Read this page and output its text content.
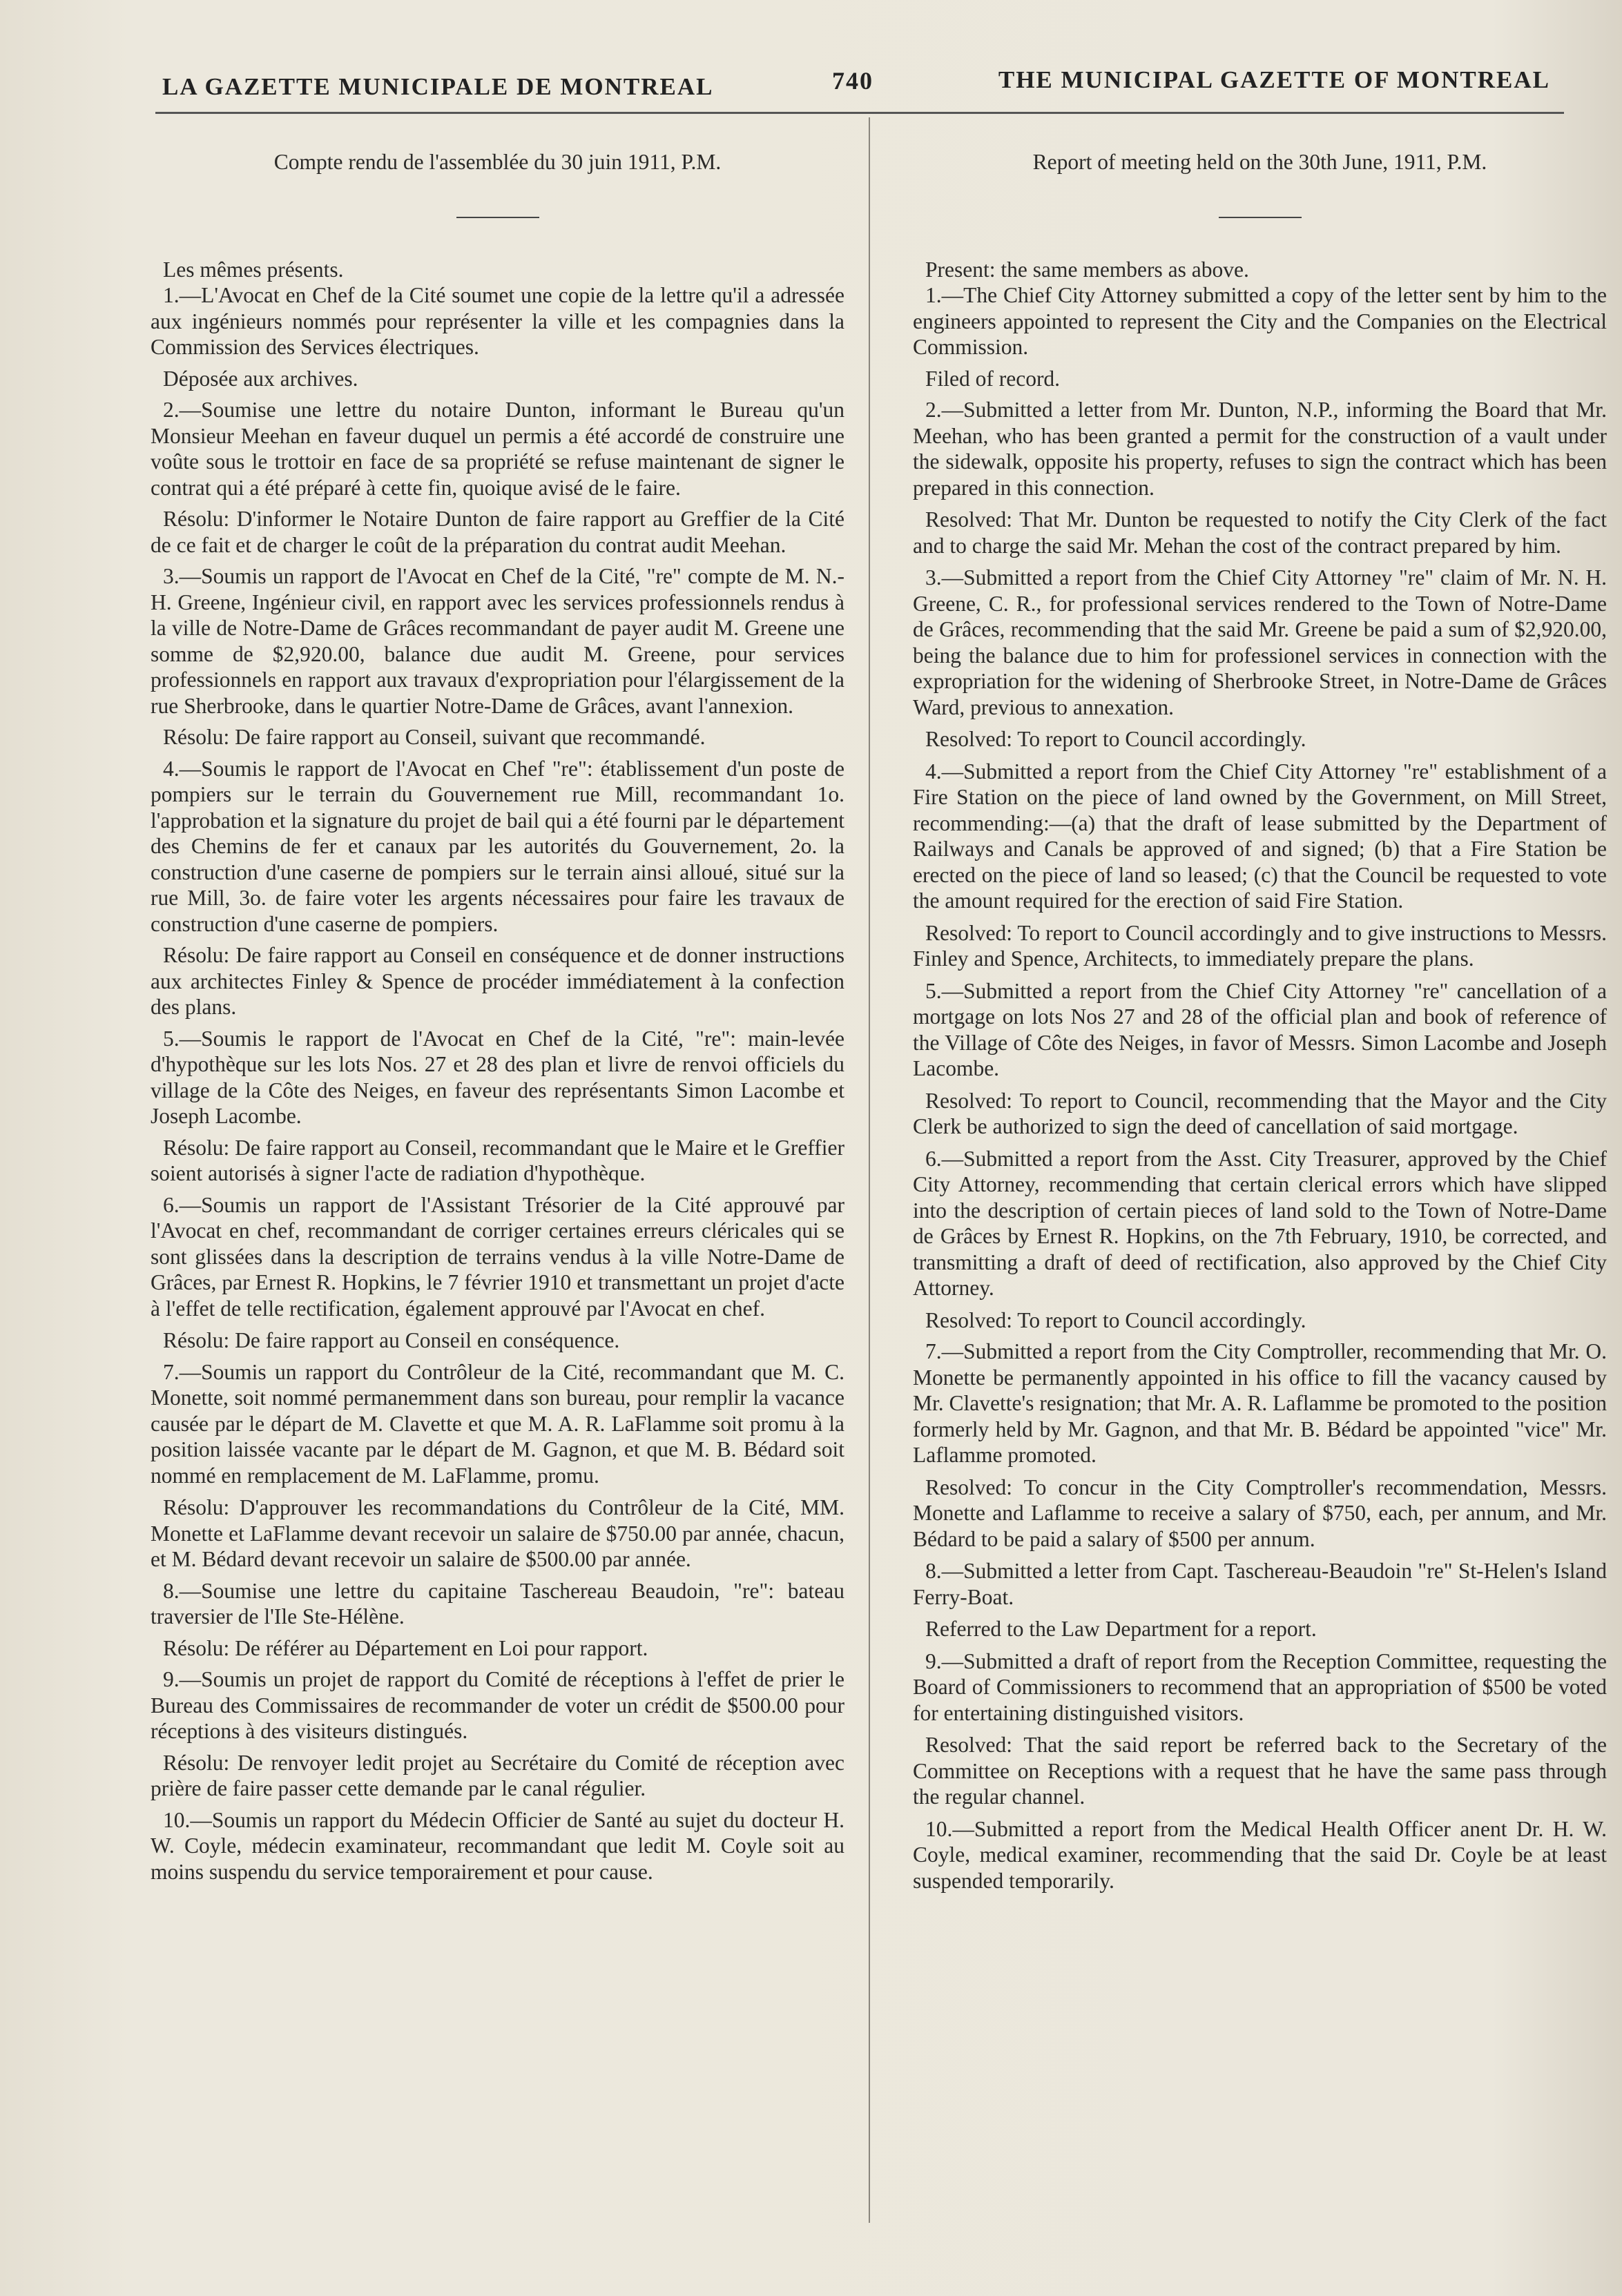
LA GAZETTE MUNICIPALE DE MONTREAL	740	THE MUNICIPAL GAZETTE OF MONTREAL
Compte rendu de l'assemblée du 30 juin 1911, P.M.

Les mêmes présents.

1.—L'Avocat en Chef de la Cité soumet une copie de la lettre qu'il a adressée aux ingénieurs nommés pour représenter la ville et les compagnies dans la Commission des Services électriques.

Déposée aux archives.

2.—Soumise une lettre du notaire Dunton, informant le Bureau qu'un Monsieur Meehan en faveur duquel un permis a été accordé de construire une voûte sous le trottoir en face de sa propriété se refuse maintenant de signer le contrat qui a été préparé à cette fin, quoique avisé de le faire.

Résolu: D'informer le Notaire Dunton de faire rapport au Greffier de la Cité de ce fait et de charger le coût de la préparation du contrat audit Meehan.

3.—Soumis un rapport de l'Avocat en Chef de la Cité, "re" compte de M. N.-H. Greene, Ingénieur civil, en rapport avec les services professionnels rendus à la ville de Notre-Dame de Grâces recommandant de payer audit M. Greene une somme de $2,920.00, balance due audit M. Greene, pour services professionnels en rapport aux travaux d'expropriation pour l'élargissement de la rue Sherbrooke, dans le quartier Notre-Dame de Grâces, avant l'annexion.

Résolu: De faire rapport au Conseil, suivant que recommandé.

4.—Soumis le rapport de l'Avocat en Chef "re": établissement d'un poste de pompiers sur le terrain du Gouvernement rue Mill, recommandant 1o. l'approbation et la signature du projet de bail qui a été fourni par le département des Chemins de fer et canaux par les autorités du Gouvernement, 2o. la construction d'une caserne de pompiers sur le terrain ainsi alloué, situé sur la rue Mill, 3o. de faire voter les argents nécessaires pour faire les travaux de construction d'une caserne de pompiers.

Résolu: De faire rapport au Conseil en conséquence et de donner instructions aux architectes Finley & Spence de procéder immédiatement à la confection des plans.

5.—Soumis le rapport de l'Avocat en Chef de la Cité, "re": main-levée d'hypothèque sur les lots Nos. 27 et 28 des plan et livre de renvoi officiels du village de la Côte des Neiges, en faveur des représentants Simon Lacombe et Joseph Lacombe.

Résolu: De faire rapport au Conseil, recommandant que le Maire et le Greffier soient autorisés à signer l'acte de radiation d'hypothèque.

6.—Soumis un rapport de l'Assistant Trésorier de la Cité approuvé par l'Avocat en chef, recommandant de corriger certaines erreurs cléricales qui se sont glissées dans la description de terrains vendus à la ville Notre-Dame de Grâces, par Ernest R. Hopkins, le 7 février 1910 et transmettant un projet d'acte à l'effet de telle rectification, également approuvé par l'Avocat en chef.

Résolu: De faire rapport au Conseil en conséquence.

7.—Soumis un rapport du Contrôleur de la Cité, recommandant que M. C. Monette, soit nommé permanemment dans son bureau, pour remplir la vacance causée par le départ de M. Clavette et que M. A. R. LaFlamme soit promu à la position laissée vacante par le départ de M. Gagnon, et que M. B. Bédard soit nommé en remplacement de M. LaFlamme, promu.

Résolu: D'approuver les recommandations du Contrôleur de la Cité, MM. Monette et LaFlamme devant recevoir un salaire de $750.00 par année, chacun, et M. Bédard devant recevoir un salaire de $500.00 par année.

8.—Soumise une lettre du capitaine Taschereau Beaudoin, "re": bateau traversier de l'Ile Ste-Hélène.

Résolu: De référer au Département en Loi pour rapport.

9.—Soumis un projet de rapport du Comité de réceptions à l'effet de prier le Bureau des Commissaires de recommander de voter un crédit de $500.00 pour réceptions à des visiteurs distingués.

Résolu: De renvoyer ledit projet au Secrétaire du Comité de réception avec prière de faire passer cette demande par le canal régulier.

10.—Soumis un rapport du Médecin Officier de Santé au sujet du docteur H. W. Coyle, médecin examinateur, recommandant que ledit M. Coyle soit au moins suspendu du service temporairement et pour cause.

Report of meeting held on the 30th June, 1911, P.M.

Present: the same members as above.

1.—The Chief City Attorney submitted a copy of the letter sent by him to the engineers appointed to represent the City and the Companies on the Electrical Commission.

Filed of record.

2.—Submitted a letter from Mr. Dunton, N.P., informing the Board that Mr. Meehan, who has been granted a permit for the construction of a vault under the sidewalk, opposite his property, refuses to sign the contract which has been prepared in this connection.

Resolved: That Mr. Dunton be requested to notify the City Clerk of the fact and to charge the said Mr. Mehan the cost of the contract prepared by him.

3.—Submitted a report from the Chief City Attorney "re" claim of Mr. N. H. Greene, C. R., for professional services rendered to the Town of Notre-Dame de Grâces, recommending that the said Mr. Greene be paid a sum of $2,920.00, being the balance due to him for professionel services in connection with the expropriation for the widening of Sherbrooke Street, in Notre-Dame de Grâces Ward, previous to annexation.

Resolved: To report to Council accordingly.

4.—Submitted a report from the Chief City Attorney "re" establishment of a Fire Station on the piece of land owned by the Government, on Mill Street, recommending:—(a) that the draft of lease submitted by the Department of Railways and Canals be approved of and signed; (b) that a Fire Station be erected on the piece of land so leased; (c) that the Council be requested to vote the amount required for the erection of said Fire Station.

Resolved: To report to Council accordingly and to give instructions to Messrs. Finley and Spence, Architects, to immediately prepare the plans.

5.—Submitted a report from the Chief City Attorney "re" cancellation of a mortgage on lots Nos 27 and 28 of the official plan and book of reference of the Village of Côte des Neiges, in favor of Messrs. Simon Lacombe and Joseph Lacombe.

Resolved: To report to Council, recommending that the Mayor and the City Clerk be authorized to sign the deed of cancellation of said mortgage.

6.—Submitted a report from the Asst. City Treasurer, approved by the Chief City Attorney, recommending that certain clerical errors which have slipped into the description of certain pieces of land sold to the Town of Notre-Dame de Grâces by Ernest R. Hopkins, on the 7th February, 1910, be corrected, and transmitting a draft of deed of rectification, also approved by the Chief City Attorney.

Resolved: To report to Council accordingly.

7.—Submitted a report from the City Comptroller, recommending that Mr. O. Monette be permanently appointed in his office to fill the vacancy caused by Mr. Clavette's resignation; that Mr. A. R. Laflamme be promoted to the position formerly held by Mr. Gagnon, and that Mr. B. Bédard be appointed "vice" Mr. Laflamme promoted.

Resolved: To concur in the City Comptroller's recommendation, Messrs. Monette and Laflamme to receive a salary of $750, each, per annum, and Mr. Bédard to be paid a salary of $500 per annum.

8.—Submitted a letter from Capt. Taschereau-Beaudoin "re" St-Helen's Island Ferry-Boat.

Referred to the Law Department for a report.

9.—Submitted a draft of report from the Reception Committee, requesting the Board of Commissioners to recommend that an appropriation of $500 be voted for entertaining distinguished visitors.

Resolved: That the said report be referred back to the Secretary of the Committee on Receptions with a request that he have the same pass through the regular channel.

10.—Submitted a report from the Medical Health Officer anent Dr. H. W. Coyle, medical examiner, recommending that the said Dr. Coyle be at least suspended temporarily.
